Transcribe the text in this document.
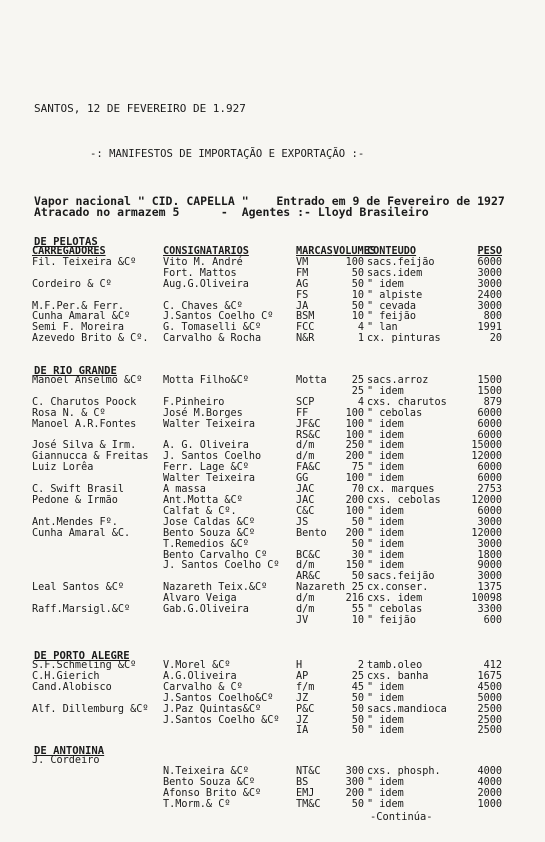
SANTOS, 12 DE FEVEREIRO DE 1.927
-: MANIFESTOS DE IMPORTAÇÃO E EXPORTAÇÃO :-
Vapor nacional " CID. CAPELLA "    Entrado em 9 de Fevereiro de 1927
Atracado no armazem 5      -  Agentes :- Lloyd Brasileiro
DE PELOTAS
CARREGADORES	CONSIGNATARIOS	MARCAS	VOLUMES	CONTEUDO	PESO
Fil. Teixeira &Cº	Vito M. André	VM	100	sacs.feijão	6000
	Fort. Mattos	FM	50	sacs.idem	3000
Cordeiro & Cº	Aug.G.Oliveira	AG	50	" idem	3000
		FS	10	" alpiste	2400
M.F.Per.& Ferr.	C. Chaves &Cº	JA	50	" cevada	3000
Cunha Amaral &Cº	J.Santos Coelho Cº	BSM	10	" feijão	800
Semi F. Moreira	G. Tomaselli &Cº	FCC	4	" lan	1991
Azevedo Brito & Cº.	Carvalho & Rocha	N&R	1	cx. pinturas	20
DE RIO GRANDE
Manoel Anselmo &Cº	Motta Filho&Cº	Motta	25	sacs.arroz	1500
			25	" idem	1500
C. Charutos Poock	F.Pinheiro	SCP	4	cxs. charutos	879
Rosa N. & Cº	José M.Borges	FF	100	" cebolas	6000
Manoel A.R.Fontes	Walter Teixeira	JF&C	100	" idem	6000
		RS&C	100	" idem	6000
José Silva & Irm.	A. G. Oliveira	d/m	250	" idem	15000
Giannucca & Freitas	J. Santos Coelho	d/m	200	" idem	12000
Luiz Lorêa	Ferr. Lage &Cº	FA&C	75	" idem	6000
	Walter Teixeira	GG	100	" idem	6000
C. Swift Brasil	A massa	JAC	70	cx. marques	2753
Pedone & Irmão	Ant.Motta &Cº	JAC	200	cxs. cebolas	12000
	Calfat & Cº.	C&C	100	" idem	6000
Ant.Mendes Fº.	Jose Caldas &Cº	JS	50	" idem	3000
Cunha Amaral &C.	Bento Souza &Cº	Bento	200	" idem	12000
	T.Remedios &Cº		50	" idem	3000
	Bento Carvalho Cº	BC&C	30	" idem	1800
	J. Santos Coelho Cº	d/m	150	" idem	9000
		AR&C	50	sacs.feijão	3000
Leal Santos &Cº	Nazareth Teix.&Cº	Nazareth	25	cx.conser.	1375
	Alvaro Veiga	d/m	216	cxs. idem	10098
Raff.Marsigl.&Cº	Gab.G.Oliveira	d/m	55	" cebolas	3300
		JV	10	" feijão	600
DE PORTO ALEGRE
S.F.Schmeling &Cº	V.Morel &Cº	H	2	tamb.oleo	412
C.H.Gierich	A.G.Oliveira	AP	25	cxs. banha	1675
Cand.Alobisco	Carvalho & Cº	f/m	45	" idem	4500
	J.Santos Coelho&Cº	JZ	50	" idem	5000
Alf. Dillemburg &Cº	J.Paz Quintas&Cº	P&C	50	sacs.mandioca	2500
	J.Santos Coelho &Cº	JZ	50	" idem	2500
		IA	50	" idem	2500
DE ANTONINA
J. Cordeiro					
	N.Teixeira &Cº	NT&C	300	cxs. phosph.	4000
	Bento Souza &Cº	BS	300	" idem	4000
	Afonso Brito &Cº	EMJ	200	" idem	2000
	T.Morm.& Cº	TM&C	50	" idem	1000
-Continúa-
